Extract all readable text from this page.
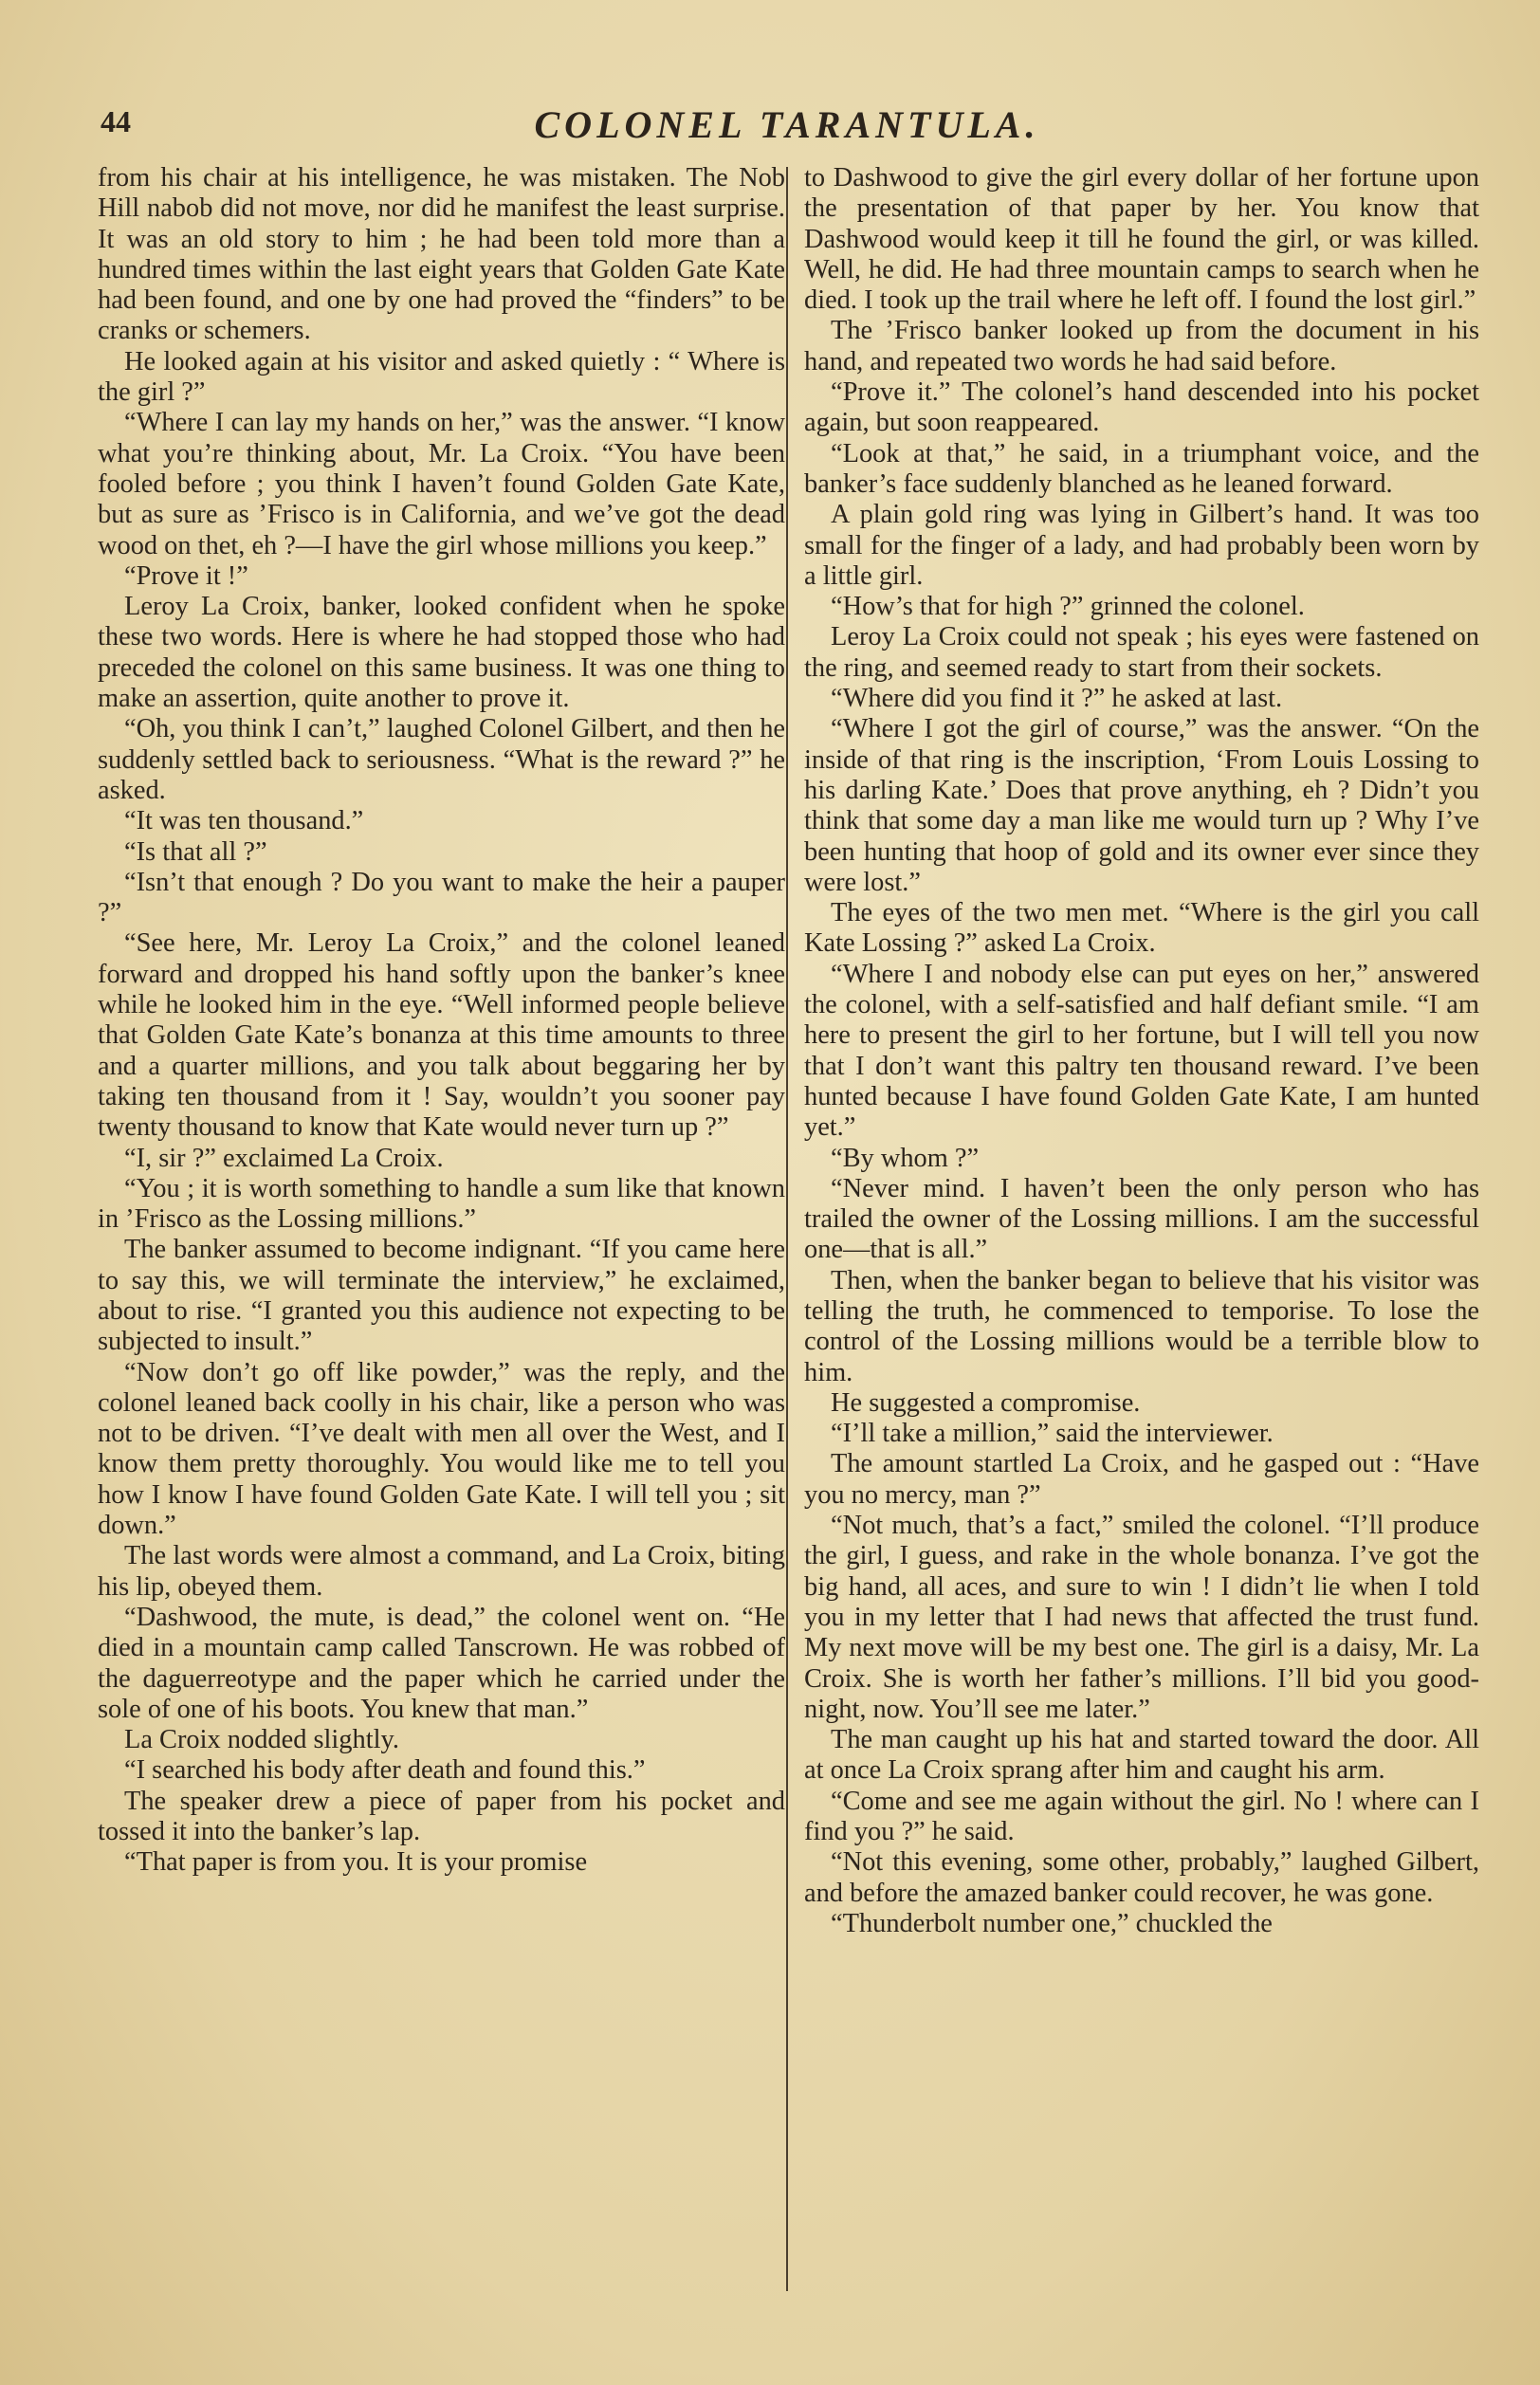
44	COLONEL TARANTULA.

from his chair at his intelligence, he was mistaken. The Nob Hill nabob did not move, nor did he manifest the least surprise. It was an old story to him ; he had been told more than a hundred times within the last eight years that Golden Gate Kate had been found, and one by one had proved the “finders” to be cranks or schemers.

He looked again at his visitor and asked quietly : “ Where is the girl ?”

“Where I can lay my hands on her,” was the answer. “I know what you’re thinking about, Mr. La Croix. “You have been fooled before ; you think I haven’t found Golden Gate Kate, but as sure as ’Frisco is in California, and we’ve got the dead wood on thet, eh ?—I have the girl whose millions you keep.”

“Prove it !”

Leroy La Croix, banker, looked confident when he spoke these two words. Here is where he had stopped those who had preceded the colonel on this same business. It was one thing to make an assertion, quite another to prove it.

“Oh, you think I can’t,” laughed Colonel Gilbert, and then he suddenly settled back to seriousness. “What is the reward ?” he asked.

“It was ten thousand.”

“Is that all ?”

“Isn’t that enough ? Do you want to make the heir a pauper ?”

“See here, Mr. Leroy La Croix,” and the colonel leaned forward and dropped his hand softly upon the banker’s knee while he looked him in the eye. “Well informed people believe that Golden Gate Kate’s bonanza at this time amounts to three and a quarter millions, and you talk about beggaring her by taking ten thousand from it ! Say, wouldn’t you sooner pay twenty thousand to know that Kate would never turn up ?”

“I, sir ?” exclaimed La Croix.

“You ; it is worth something to handle a sum like that known in ’Frisco as the Lossing millions.”

The banker assumed to become indignant. “If you came here to say this, we will terminate the interview,” he exclaimed, about to rise. “I granted you this audience not expecting to be subjected to insult.”

“Now don’t go off like powder,” was the reply, and the colonel leaned back coolly in his chair, like a person who was not to be driven. “I’ve dealt with men all over the West, and I know them pretty thoroughly. You would like me to tell you how I know I have found Golden Gate Kate. I will tell you ; sit down.”

The last words were almost a command, and La Croix, biting his lip, obeyed them.

“Dashwood, the mute, is dead,” the colonel went on. “He died in a mountain camp called Tanscrown. He was robbed of the daguerreotype and the paper which he carried under the sole of one of his boots. You knew that man.”

La Croix nodded slightly.

“I searched his body after death and found this.”

The speaker drew a piece of paper from his pocket and tossed it into the banker’s lap.

“That paper is from you. It is your promise

to Dashwood to give the girl every dollar of her fortune upon the presentation of that paper by her. You know that Dashwood would keep it till he found the girl, or was killed. Well, he did. He had three mountain camps to search when he died. I took up the trail where he left off. I found the lost girl.”

The ’Frisco banker looked up from the document in his hand, and repeated two words he had said before.

“Prove it.” The colonel’s hand descended into his pocket again, but soon reappeared.

“Look at that,” he said, in a triumphant voice, and the banker’s face suddenly blanched as he leaned forward.

A plain gold ring was lying in Gilbert’s hand. It was too small for the finger of a lady, and had probably been worn by a little girl.

“How’s that for high ?” grinned the colonel.

Leroy La Croix could not speak ; his eyes were fastened on the ring, and seemed ready to start from their sockets.

“Where did you find it ?” he asked at last.

“Where I got the girl of course,” was the answer. “On the inside of that ring is the inscription, ‘From Louis Lossing to his darling Kate.’ Does that prove anything, eh ? Didn’t you think that some day a man like me would turn up ? Why I’ve been hunting that hoop of gold and its owner ever since they were lost.”

The eyes of the two men met. “Where is the girl you call Kate Lossing ?” asked La Croix.

“Where I and nobody else can put eyes on her,” answered the colonel, with a self-satisfied and half defiant smile. “I am here to present the girl to her fortune, but I will tell you now that I don’t want this paltry ten thousand reward. I’ve been hunted because I have found Golden Gate Kate, I am hunted yet.”

“By whom ?”

“Never mind. I haven’t been the only person who has trailed the owner of the Lossing millions. I am the successful one—that is all.”

Then, when the banker began to believe that his visitor was telling the truth, he commenced to temporise. To lose the control of the Lossing millions would be a terrible blow to him.

He suggested a compromise.

“I’ll take a million,” said the interviewer.

The amount startled La Croix, and he gasped out : “Have you no mercy, man ?”

“Not much, that’s a fact,” smiled the colonel. “I’ll produce the girl, I guess, and rake in the whole bonanza. I’ve got the big hand, all aces, and sure to win ! I didn’t lie when I told you in my letter that I had news that affected the trust fund. My next move will be my best one. The girl is a daisy, Mr. La Croix. She is worth her father’s millions. I’ll bid you good-night, now. You’ll see me later.”

The man caught up his hat and started toward the door. All at once La Croix sprang after him and caught his arm.

“Come and see me again without the girl. No ! where can I find you ?” he said.

“Not this evening, some other, probably,” laughed Gilbert, and before the amazed banker could recover, he was gone.

“Thunderbolt number one,” chuckled the
